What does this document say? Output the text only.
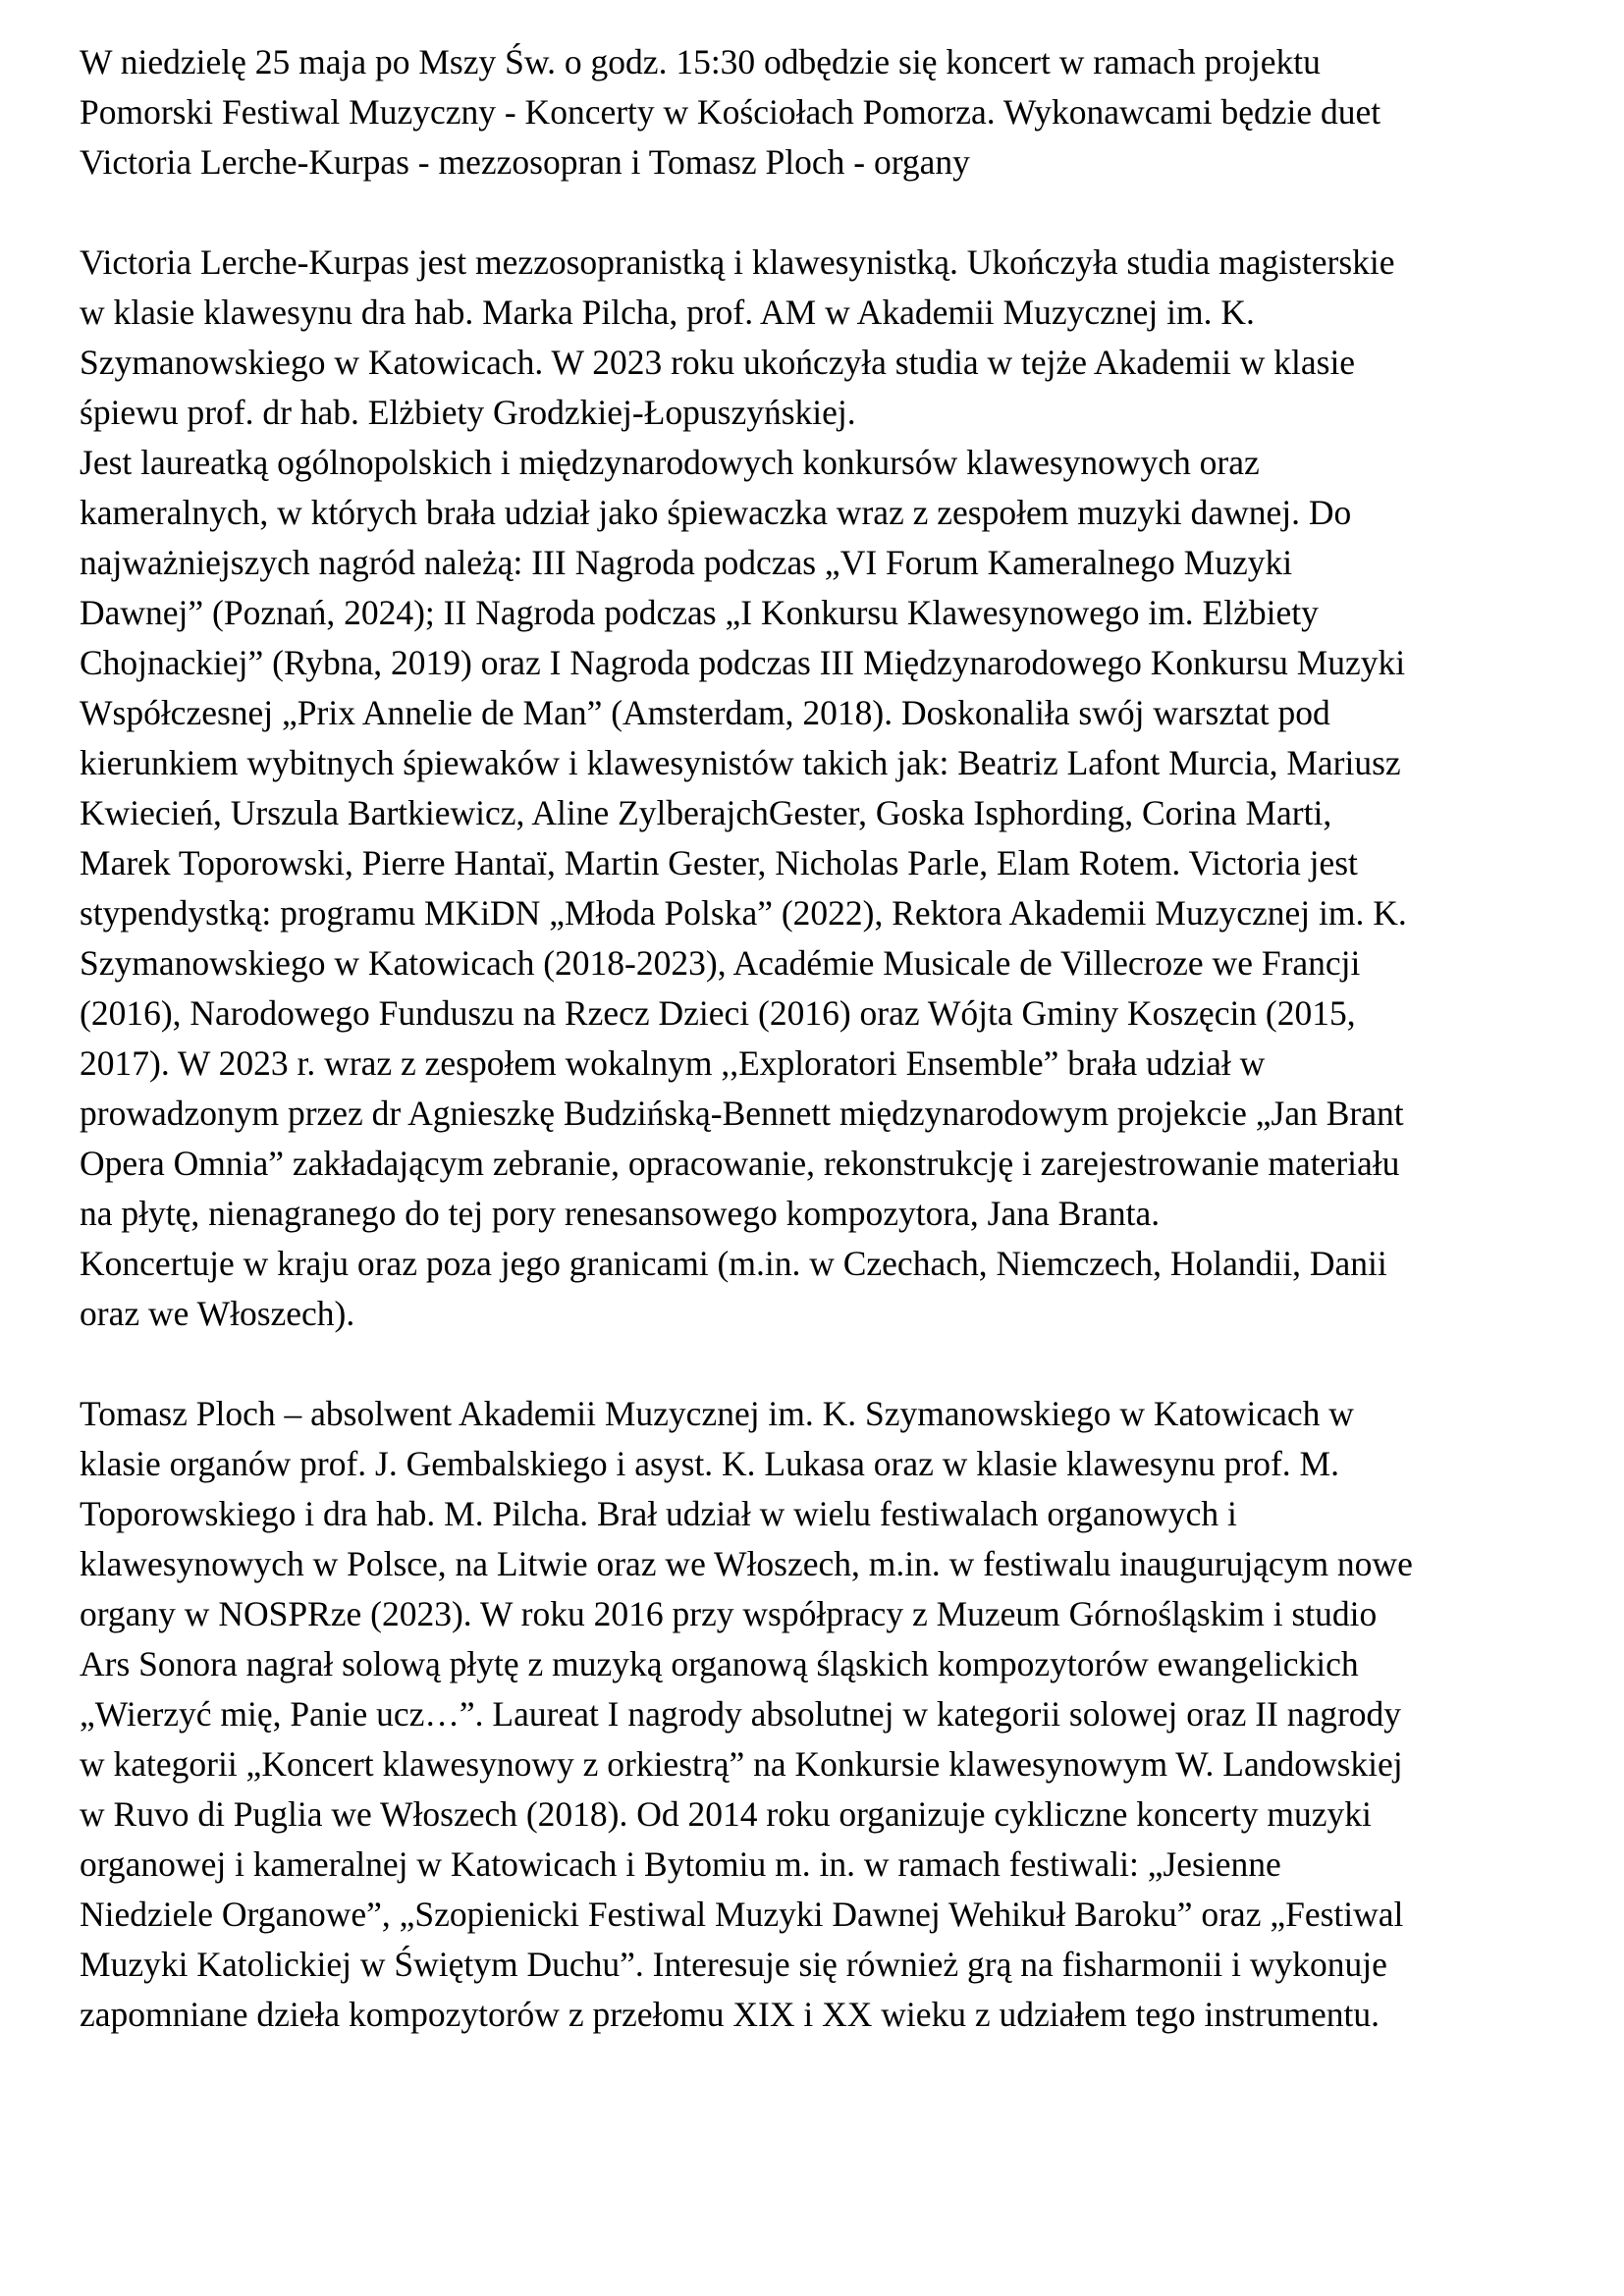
W niedzielę 25 maja po Mszy Św. o godz. 15:30 odbędzie się koncert w ramach projektu
Pomorski Festiwal Muzyczny - Koncerty w Kościołach Pomorza. Wykonawcami będzie duet
Victoria Lerche-Kurpas - mezzosopran i Tomasz Ploch - organy

Victoria Lerche-Kurpas jest mezzosopranistką i klawesynistką. Ukończyła studia magisterskie
w klasie klawesynu dra hab. Marka Pilcha, prof. AM w Akademii Muzycznej im. K.
Szymanowskiego w Katowicach. W 2023 roku ukończyła studia w tejże Akademii w klasie
śpiewu prof. dr hab. Elżbiety Grodzkiej-Łopuszyńskiej.
Jest laureatką ogólnopolskich i międzynarodowych konkursów klawesynowych oraz
kameralnych, w których brała udział jako śpiewaczka wraz z zespołem muzyki dawnej. Do
najważniejszych nagród należą: III Nagroda podczas „VI Forum Kameralnego Muzyki
Dawnej” (Poznań, 2024); II Nagroda podczas „I Konkursu Klawesynowego im. Elżbiety
Chojnackiej” (Rybna, 2019) oraz I Nagroda podczas III Międzynarodowego Konkursu Muzyki
Współczesnej „Prix Annelie de Man” (Amsterdam, 2018). Doskonaliła swój warsztat pod
kierunkiem wybitnych śpiewaków i klawesynistów takich jak: Beatriz Lafont Murcia, Mariusz
Kwiecień, Urszula Bartkiewicz, Aline ZylberajchGester, Goska Isphording, Corina Marti,
Marek Toporowski, Pierre Hantaï, Martin Gester, Nicholas Parle, Elam Rotem. Victoria jest
stypendystką: programu MKiDN „Młoda Polska” (2022), Rektora Akademii Muzycznej im. K.
Szymanowskiego w Katowicach (2018-2023), Académie Musicale de Villecroze we Francji
(2016), Narodowego Funduszu na Rzecz Dzieci (2016) oraz Wójta Gminy Koszęcin (2015,
2017). W 2023 r. wraz z zespołem wokalnym ,,Exploratori Ensemble” brała udział w
prowadzonym przez dr Agnieszkę Budzińską-Bennett międzynarodowym projekcie „Jan Brant
Opera Omnia” zakładającym zebranie, opracowanie, rekonstrukcję i zarejestrowanie materiału
na płytę, nienagranego do tej pory renesansowego kompozytora, Jana Branta.
Koncertuje w kraju oraz poza jego granicami (m.in. w Czechach, Niemczech, Holandii, Danii
oraz we Włoszech).

Tomasz Ploch – absolwent Akademii Muzycznej im. K. Szymanowskiego w Katowicach w
klasie organów prof. J. Gembalskiego i asyst. K. Lukasa oraz w klasie klawesynu prof. M.
Toporowskiego i dra hab. M. Pilcha. Brał udział w wielu festiwalach organowych i
klawesynowych w Polsce, na Litwie oraz we Włoszech, m.in. w festiwalu inaugurującym nowe
organy w NOSPRze (2023). W roku 2016 przy współpracy z Muzeum Górnośląskim i studio
Ars Sonora nagrał solową płytę z muzyką organową śląskich kompozytorów ewangelickich
„Wierzyć mię, Panie ucz…”. Laureat I nagrody absolutnej w kategorii solowej oraz II nagrody
w kategorii „Koncert klawesynowy z orkiestrą” na Konkursie klawesynowym W. Landowskiej
w Ruvo di Puglia we Włoszech (2018). Od 2014 roku organizuje cykliczne koncerty muzyki
organowej i kameralnej w Katowicach i Bytomiu m. in. w ramach festiwali: „Jesienne
Niedziele Organowe”, „Szopienicki Festiwal Muzyki Dawnej Wehikuł Baroku” oraz „Festiwal
Muzyki Katolickiej w Świętym Duchu”. Interesuje się również grą na fisharmonii i wykonuje
zapomniane dzieła kompozytorów z przełomu XIX i XX wieku z udziałem tego instrumentu.
